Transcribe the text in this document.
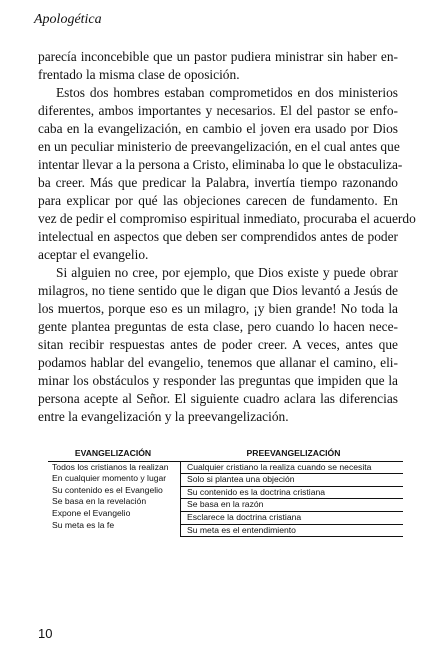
Apologética

parecía inconcebible que un pastor pudiera ministrar sin haber en-
frentado la misma clase de oposición.

Estos dos hombres estaban comprometidos en dos ministerios
diferentes, ambos importantes y necesarios. El del pastor se enfo-
caba en la evangelización, en cambio el joven era usado por Dios
en un peculiar ministerio de preevangelización, en el cual antes que
intentar llevar a la persona a Cristo, eliminaba lo que le obstaculiza-
ba creer. Más que predicar la Palabra, invertía tiempo razonando
para explicar por qué las objeciones carecen de fundamento. En
vez de pedir el compromiso espiritual inmediato, procuraba el acuerdo
intelectual en aspectos que deben ser comprendidos antes de poder
aceptar el evangelio.

Si alguien no cree, por ejemplo, que Dios existe y puede obrar
milagros, no tiene sentido que le digan que Dios levantó a Jesús de
los muertos, porque eso es un milagro, ¡y bien grande! No toda la
gente plantea preguntas de esta clase, pero cuando lo hacen nece-
sitan recibir respuestas antes de poder creer. A veces, antes que
podamos hablar del evangelio, tenemos que allanar el camino, eli-
minar los obstáculos y responder las preguntas que impiden que la
persona acepte al Señor. El siguiente cuadro aclara las diferencias
entre la evangelización y la preevangelización.

EVANGELIZACIÓN	PREEVANGELIZACIÓN
Todos los cristianos la realizan
En cualquier momento y lugar
Su contenido es el Evangelio
Se basa en la revelación
Expone el Evangelio
Su meta es la fe
Cualquier cristiano la realiza cuando se necesita
Solo si plantea una objeción
Su contenido es la doctrina cristiana
Se basa en la razón
Esclarece la doctrina cristiana
Su meta es el entendimiento
10
